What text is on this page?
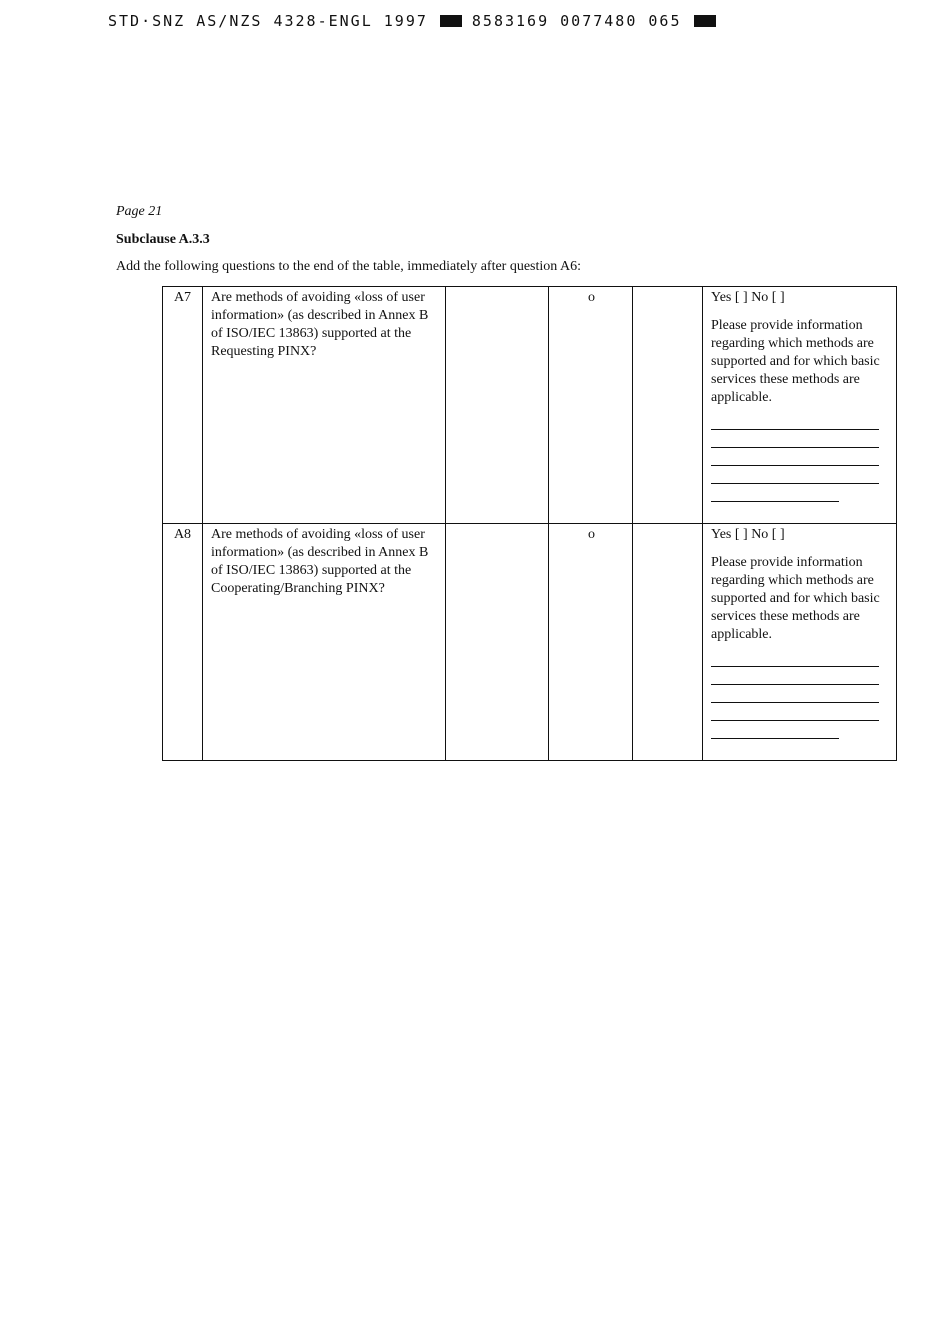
STD·SNZ AS/NZS 4328-ENGL 1997	8583169 0077480 065
Page 21
Subclause A.3.3
Add the following questions to the end of the table, immediately after question A6:
A7	Are methods of avoiding «loss of user information» (as described in Annex B of ISO/IEC 13863) supported at the Requesting PINX?		o		Yes [ ] No [ ]
Please provide information regarding which methods are supported and for which basic services these methods are applicable.

A8	Are methods of avoiding «loss of user information» (as described in Annex B of ISO/IEC 13863) supported at the Cooperating/Branching PINX?		o		Yes [ ] No [ ]
Please provide information regarding which methods are supported and for which basic services these methods are applicable.
